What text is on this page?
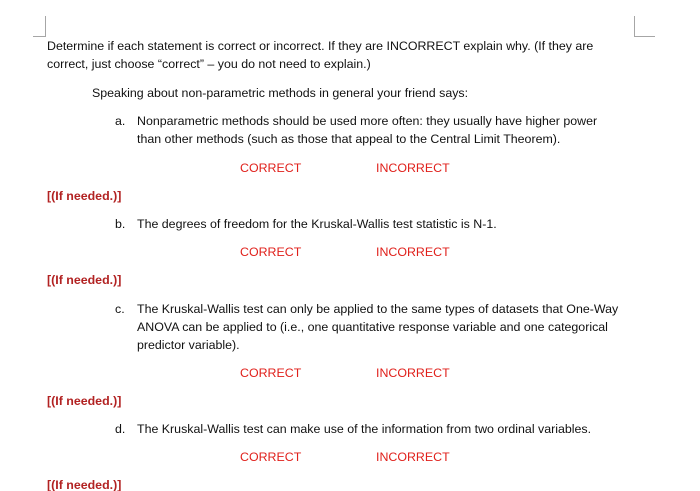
Determine if each statement is correct or incorrect. If they are INCORRECT explain why. (If they are
correct, just choose “correct” – you do not need to explain.)
Speaking about non-parametric methods in general your friend says:
a. Nonparametric methods should be used more often: they usually have higher power
than other methods (such as those that appeal to the Central Limit Theorem).
CORRECT	INCORRECT
[(If needed.)]
b. The degrees of freedom for the Kruskal-Wallis test statistic is N-1.
CORRECT	INCORRECT
[(If needed.)]
c. The Kruskal-Wallis test can only be applied to the same types of datasets that One-Way
ANOVA can be applied to (i.e., one quantitative response variable and one categorical
predictor variable).
CORRECT	INCORRECT
[(If needed.)]
d. The Kruskal-Wallis test can make use of the information from two ordinal variables.
CORRECT	INCORRECT
[(If needed.)]
